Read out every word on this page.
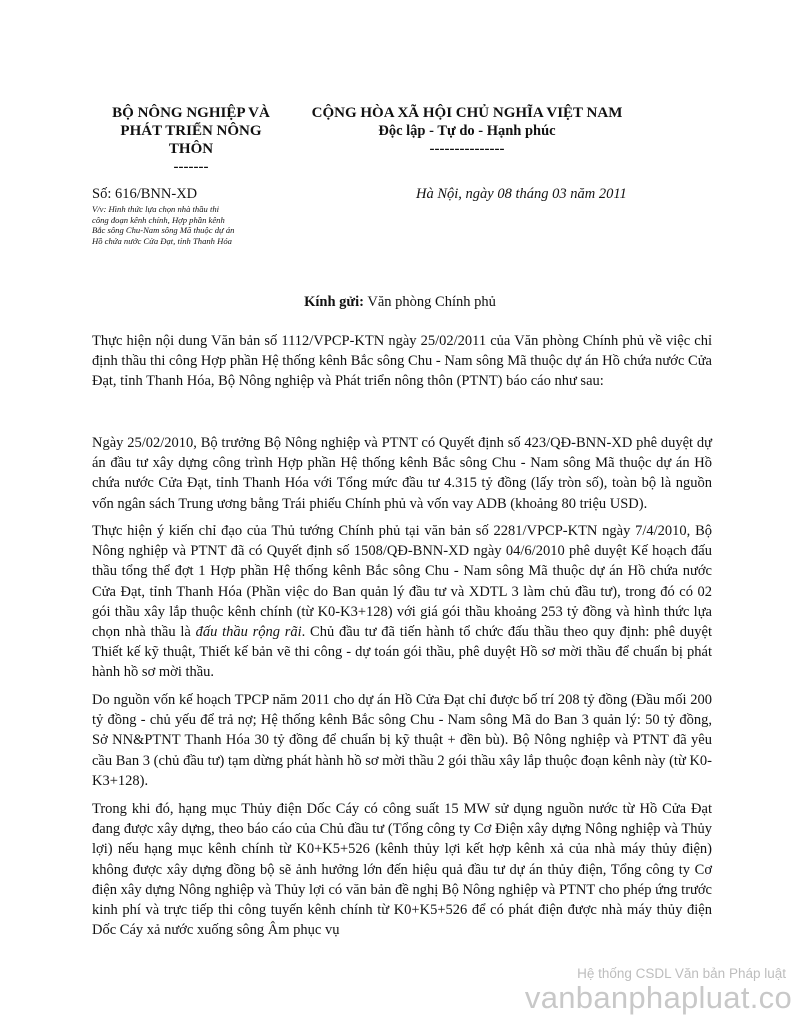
BỘ NÔNG NGHIỆP VÀ
PHÁT TRIỂN NÔNG
THÔN
-------
CỘNG HÒA XÃ HỘI CHỦ NGHĨA VIỆT NAM
Độc lập - Tự do - Hạnh phúc
---------------
Số: 616/BNN-XD	Hà Nội, ngày 08 tháng 03 năm 2011
V/v: Hình thức lựa chọn nhà thầu thi
công đoạn kênh chính, Hợp phần kênh
Bắc sông Chu-Nam sông Mã thuộc dự án
Hồ chứa nước Cửa Đạt, tỉnh Thanh Hóa
Kính gửi: Văn phòng Chính phủ

Thực hiện nội dung Văn bản số 1112/VPCP-KTN ngày 25/02/2011 của Văn phòng Chính phủ về việc chỉ định thầu thi công Hợp phần Hệ thống kênh Bắc sông Chu - Nam sông Mã thuộc dự án Hồ chứa nước Cửa Đạt, tỉnh Thanh Hóa, Bộ Nông nghiệp và Phát triển nông thôn (PTNT) báo cáo như sau:

Ngày 25/02/2010, Bộ trưởng Bộ Nông nghiệp và PTNT có Quyết định số 423/QĐ-BNN-XD phê duyệt dự án đầu tư xây dựng công trình Hợp phần Hệ thống kênh Bắc sông Chu - Nam sông Mã thuộc dự án Hồ chứa nước Cửa Đạt, tỉnh Thanh Hóa với Tổng mức đầu tư 4.315 tỷ đồng (lấy tròn số), toàn bộ là nguồn vốn ngân sách Trung ương bằng Trái phiếu Chính phủ và vốn vay ADB (khoảng 80 triệu USD).

Thực hiện ý kiến chỉ đạo của Thủ tướng Chính phủ tại văn bản số 2281/VPCP-KTN ngày 7/4/2010, Bộ Nông nghiệp và PTNT đã có Quyết định số 1508/QĐ-BNN-XD ngày 04/6/2010 phê duyệt Kế hoạch đấu thầu tổng thể đợt 1 Hợp phần Hệ thống kênh Bắc sông Chu - Nam sông Mã thuộc dự án Hồ chứa nước Cửa Đạt, tỉnh Thanh Hóa (Phần việc do Ban quản lý đầu tư và XDTL 3 làm chủ đầu tư), trong đó có 02 gói thầu xây lắp thuộc kênh chính (từ K0-K3+128) với giá gói thầu khoảng 253 tỷ đồng và hình thức lựa chọn nhà thầu là đấu thầu rộng rãi. Chủ đầu tư đã tiến hành tổ chức đấu thầu theo quy định: phê duyệt Thiết kế kỹ thuật, Thiết kế bản vẽ thi công - dự toán gói thầu, phê duyệt Hồ sơ mời thầu để chuẩn bị phát hành hồ sơ mời thầu.

Do nguồn vốn kế hoạch TPCP năm 2011 cho dự án Hồ Cửa Đạt chỉ được bố trí 208 tỷ đồng (Đầu mối 200 tỷ đồng - chủ yếu để trả nợ; Hệ thống kênh Bắc sông Chu - Nam sông Mã do Ban 3 quản lý: 50 tỷ đồng, Sở NN&PTNT Thanh Hóa 30 tỷ đồng để chuẩn bị kỹ thuật + đền bù). Bộ Nông nghiệp và PTNT đã yêu cầu Ban 3 (chủ đầu tư) tạm dừng phát hành hồ sơ mời thầu 2 gói thầu xây lắp thuộc đoạn kênh này (từ K0-K3+128).

Trong khi đó, hạng mục Thủy điện Dốc Cáy có công suất 15 MW sử dụng nguồn nước từ Hồ Cửa Đạt đang được xây dựng, theo báo cáo của Chủ đầu tư (Tổng công ty Cơ Điện xây dựng Nông nghiệp và Thủy lợi) nếu hạng mục kênh chính từ K0+K5+526 (kênh thủy lợi kết hợp kênh xả của nhà máy thủy điện) không được xây dựng đồng bộ sẽ ảnh hưởng lớn đến hiệu quả đầu tư dự án thủy điện, Tổng công ty Cơ điện xây dựng Nông nghiệp và Thủy lợi có văn bản đề nghị Bộ Nông nghiệp và PTNT cho phép ứng trước kinh phí và trực tiếp thi công tuyến kênh chính từ K0+K5+526 để có phát điện được nhà máy thủy điện Dốc Cáy xả nước xuống sông Âm phục vụ

Hệ thống CSDL Văn bản Pháp luật
vanbanphapluat.co
